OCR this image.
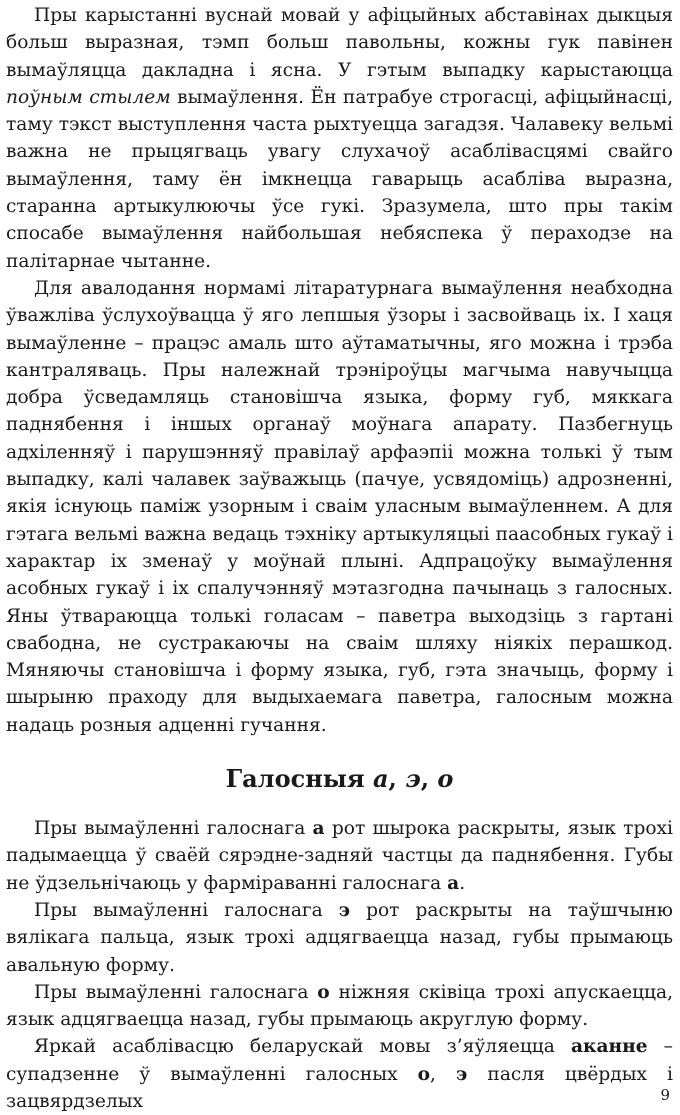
Пры карыстанні вуснай мовай у афіцыйных абставінах дыкцыя больш выразная, тэмп больш павольны, кожны гук павінен вымаўляцца дакладна і ясна. У гэтым выпадку карыстаюцца поўным стылем вымаўлення. Ён патрабуе строгасці, афіцыйнасці, таму тэкст выступлення часта рыхтуецца загадзя. Чалавеку вельмі важна не прыцягваць увагу слухачоў асаблівасцямі свайго вымаўлення, таму ён імкнецца гаварыць асабліва выразна, старанна артыкулюючы ўсе гукі. Зразумела, што пры такім спосабе вымаўлення найбольшая небяспека ў пераходзе на палітарнае чытанне.

Для авалодання нормамі літаратурнага вымаўлення неабходна ўважліва ўслухоўвацца ў яго лепшыя ўзоры і засвойваць іх. І хаця вымаўленне – працэс амаль што аўтаматычны, яго можна і трэба кантраляваць. Пры належнай трэніроўцы магчыма навучыцца добра ўсведамляць становішча языка, форму губ, мяккага паднябення і іншых органаў моўнага апарату. Пазбегнуць адхіленняў і парушэнняў правілаў арфаэпіі можна толькі ў тым выпадку, калі чалавек заўважыць (пачуе, усвядоміць) адрозненні, якія існуюць паміж узорным і сваім уласным вымаўленнем. А для гэтага вельмі важна ведаць тэхніку артыкуляцыі паасобных гукаў і характар іх зменаў у моўнай плыні. Адпрацоўку вымаўлення асобных гукаў і іх спалучэнняў мэтазгодна пачынаць з галосных. Яны ўтвараюцца толькі голасам – паветра выходзіць з гартані свабодна, не сустракаючы на сваім шляху ніякіх перашкод. Мяняючы становішча і форму языка, губ, гэта значыць, форму і шырыню праходу для выдыхаемага паветра, галосным можна надаць розныя адценні гучання.

Галосныя а, э, о

Пры вымаўленні галоснага а рот шырока раскрыты, язык трохі падымаецца ў сваёй сярэдне-задняй частцы да паднябення. Губы не ўдзельнічаюць у фарміраванні галоснага а.

Пры вымаўленні галоснага э рот раскрыты на таўшчыню вялікага пальца, язык трохі адцягваецца назад, губы прымаюць авальную форму.

Пры вымаўленні галоснага о ніжняя сківіца трохі апускаецца, язык адцягваецца назад, губы прымаюць акруглую форму.

Яркай асаблівасцю беларускай мовы з’яўляецца аканне – супадзенне ў вымаўленні галосных о, э пасля цвёрдых і зацвярдзелых	9
